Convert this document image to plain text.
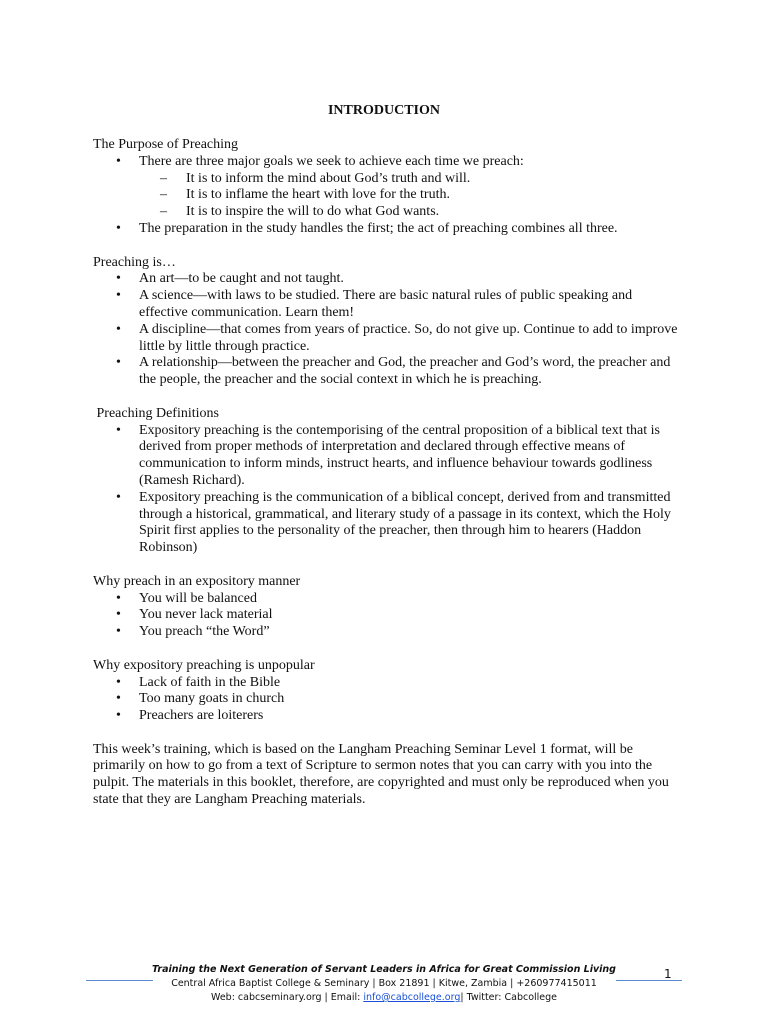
INTRODUCTION

The Purpose of Preaching

• There are three major goals we seek to achieve each time we preach:
– It is to inform the mind about God’s truth and will.
– It is to inflame the heart with love for the truth.
– It is to inspire the will to do what God wants.
• The preparation in the study handles the first; the act of preaching combines all three.

Preaching is…

• An art—to be caught and not taught.
• A science—with laws to be studied. There are basic natural rules of public speaking and effective communication. Learn them!
• A discipline—that comes from years of practice. So, do not give up. Continue to add to improve little by little through practice.
• A relationship—between the preacher and God, the preacher and God’s word, the preacher and the people, the preacher and the social context in which he is preaching.

Preaching Definitions

• Expository preaching is the contemporising of the central proposition of a biblical text that is derived from proper methods of interpretation and declared through effective means of communication to inform minds, instruct hearts, and influence behaviour towards godliness (Ramesh Richard).
• Expository preaching is the communication of a biblical concept, derived from and transmitted through a historical, grammatical, and literary study of a passage in its context, which the Holy Spirit first applies to the personality of the preacher, then through him to hearers (Haddon Robinson)

Why preach in an expository manner

• You will be balanced
• You never lack material
• You preach “the Word”

Why expository preaching is unpopular

• Lack of faith in the Bible
• Too many goats in church
• Preachers are loiterers

This week’s training, which is based on the Langham Preaching Seminar Level 1 format, will be primarily on how to go from a text of Scripture to sermon notes that you can carry with you into the pulpit. The materials in this booklet, therefore, are copyrighted and must only be reproduced when you state that they are Langham Preaching materials.

Training the Next Generation of Servant Leaders in Africa for Great Commission Living
Central Africa Baptist College & Seminary | Box 21891 | Kitwe, Zambia | +260977415011
Web: cabcseminary.org | Email: info@cabcollege.org| Twitter: Cabcollege
1
